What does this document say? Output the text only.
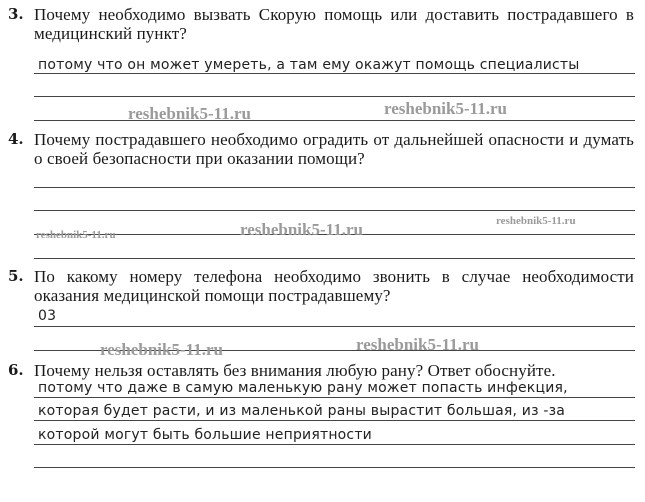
3. Почему необходимо вызвать Скорую помощь или доставить пострадавшего в медицинский пункт?
потому что он может умереть, а там ему окажут помощь специалисты
reshebnik5-11.ru	reshebnik5-11.ru
4. Почему пострадавшего необходимо оградить от дальнейшей опасности и думать о своей безопасности при оказании помощи?
reshebnik5-11.ru	reshebnik5-11.ru	reshebnik5-11.ru
5. По какому номеру телефона необходимо звонить в случае необходимости оказания медицинской помощи пострадавшему?
03
reshebnik5-11.ru	reshebnik5-11.ru
6. Почему нельзя оставлять без внимания любую рану? Ответ обоснуйте.
потому что даже в самую маленькую рану может попасть инфекция,
которая будет расти, и из маленькой раны вырастит большая, из -за
которой могут быть большие неприятности
